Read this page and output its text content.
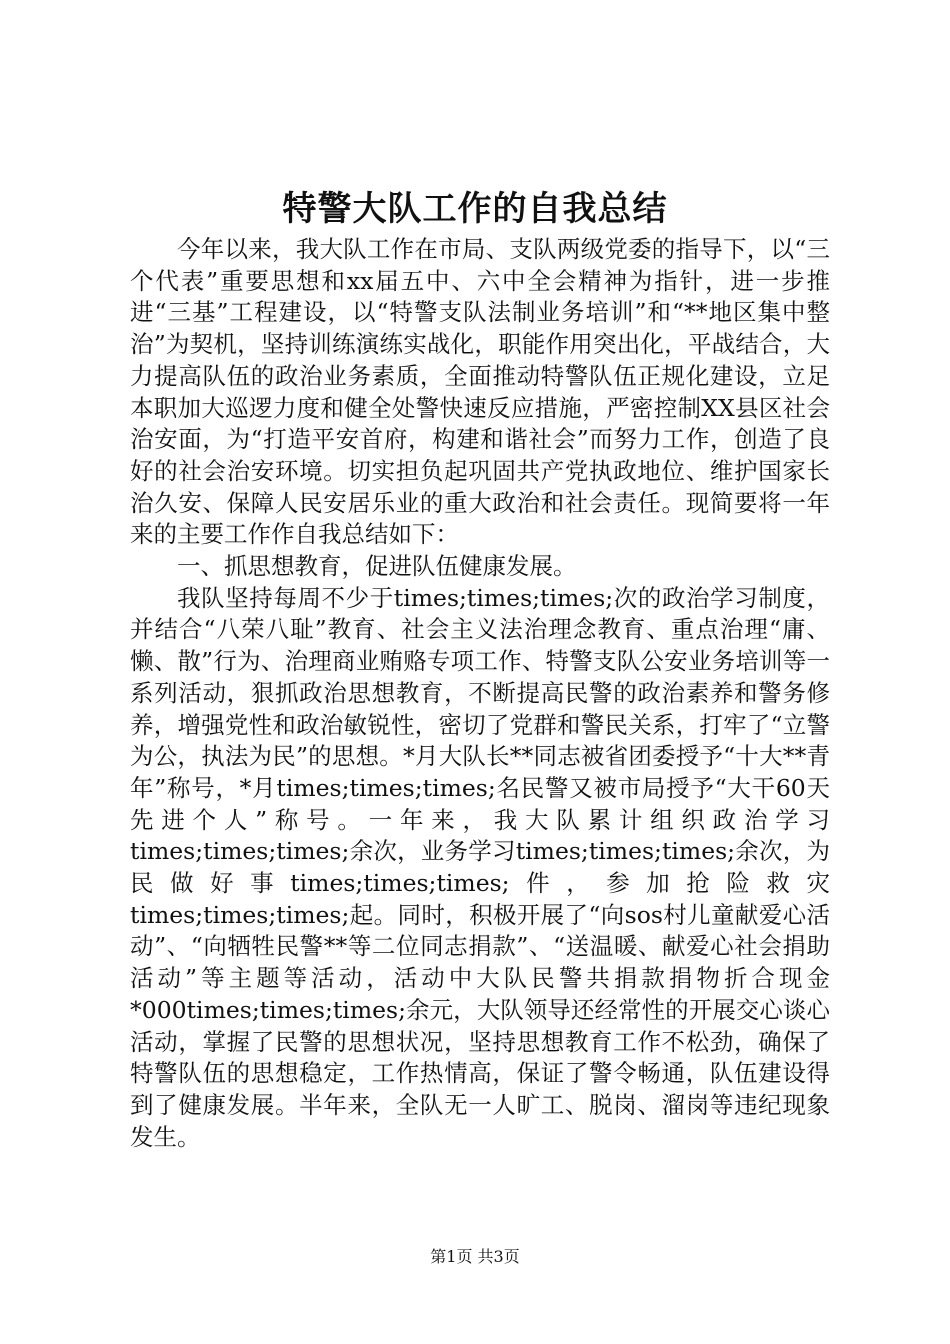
特警大队工作的自我总结

今年以来，我大队工作在市局、支队两级党委的指导下，以“三个代表”重要思想和xx届五中、六中全会精神为指针，进一步推进“三基”工程建设，以“特警支队法制业务培训”和“**地区集中整治”为契机，坚持训练演练实战化，职能作用突出化，平战结合，大力提高队伍的政治业务素质，全面推动特警队伍正规化建设，立足本职加大巡逻力度和健全处警快速反应措施，严密控制XX县区社会治安面，为“打造平安首府，构建和谐社会”而努力工作，创造了良好的社会治安环境。切实担负起巩固共产党执政地位、维护国家长治久安、保障人民安居乐业的重大政治和社会责任。现简要将一年来的主要工作作自我总结如下：

一、抓思想教育，促进队伍健康发展。

我队坚持每周不少于times;times;times;次的政治学习制度，并结合“八荣八耻”教育、社会主义法治理念教育、重点治理“庸、懒、散”行为、治理商业贿赂专项工作、特警支队公安业务培训等一系列活动，狠抓政治思想教育，不断提高民警的政治素养和警务修养，增强党性和政治敏锐性，密切了党群和警民关系，打牢了“立警为公，执法为民”的思想。*月大队长**同志被省团委授予“十大**青年”称号，*月times;times;times;名民警又被市局授予“大干60天先进个人”称号。一年来，我大队累计组织政治学习times;times;times;余次，业务学习times;times;times;余次，为民做好事times;times;times;件，参加抢险救灾times;times;times;起。同时，积极开展了“向sos村儿童献爱心活动”、“向牺牲民警**等二位同志捐款”、“送温暖、献爱心社会捐助活动”等主题等活动，活动中大队民警共捐款捐物折合现金*000times;times;times;余元，大队领导还经常性的开展交心谈心活动，掌握了民警的思想状况，坚持思想教育工作不松劲，确保了特警队伍的思想稳定，工作热情高，保证了警令畅通，队伍建设得到了健康发展。半年来，全队无一人旷工、脱岗、溜岗等违纪现象发生。

第1页 共3页
